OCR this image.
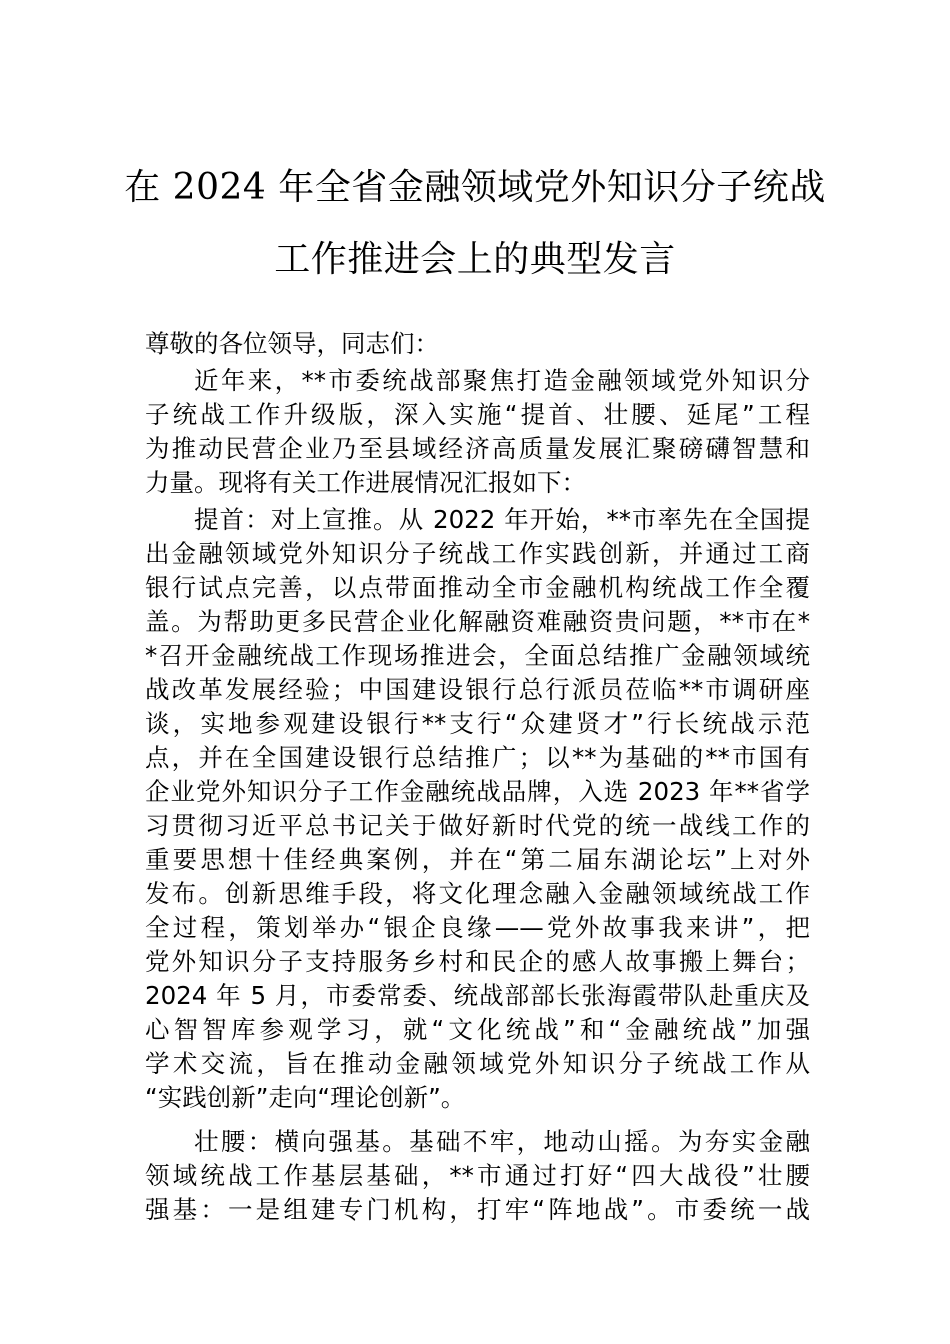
在 2024 年全省金融领域党外知识分子统战
工作推进会上的典型发言
尊敬的各位领导，同志们：
近年来，**市委统战部聚焦打造金融领域党外知识分
子统战工作升级版，深入实施“提首、壮腰、延尾”工程
为推动民营企业乃至县域经济高质量发展汇聚磅礴智慧和
力量。现将有关工作进展情况汇报如下：
提首：对上宣推。从 2022 年开始，**市率先在全国提
出金融领域党外知识分子统战工作实践创新，并通过工商
银行试点完善，以点带面推动全市金融机构统战工作全覆
盖。为帮助更多民营企业化解融资难融资贵问题，**市在*
*召开金融统战工作现场推进会，全面总结推广金融领域统
战改革发展经验；中国建设银行总行派员莅临**市调研座
谈，实地参观建设银行**支行“众建贤才”行长统战示范
点，并在全国建设银行总结推广；以**为基础的**市国有
企业党外知识分子工作金融统战品牌，入选 2023 年**省学
习贯彻习近平总书记关于做好新时代党的统一战线工作的
重要思想十佳经典案例，并在“第二届东湖论坛”上对外
发布。创新思维手段，将文化理念融入金融领域统战工作
全过程，策划举办“银企良缘——党外故事我来讲”，把
党外知识分子支持服务乡村和民企的感人故事搬上舞台；
2024 年 5 月，市委常委、统战部部长张海霞带队赴重庆及
心智智库参观学习，就“文化统战”和“金融统战”加强
学术交流，旨在推动金融领域党外知识分子统战工作从
“实践创新”走向“理论创新”。
壮腰：横向强基。基础不牢，地动山摇。为夯实金融
领域统战工作基层基础，**市通过打好“四大战役”壮腰
强基：一是组建专门机构，打牢“阵地战”。市委统一战
